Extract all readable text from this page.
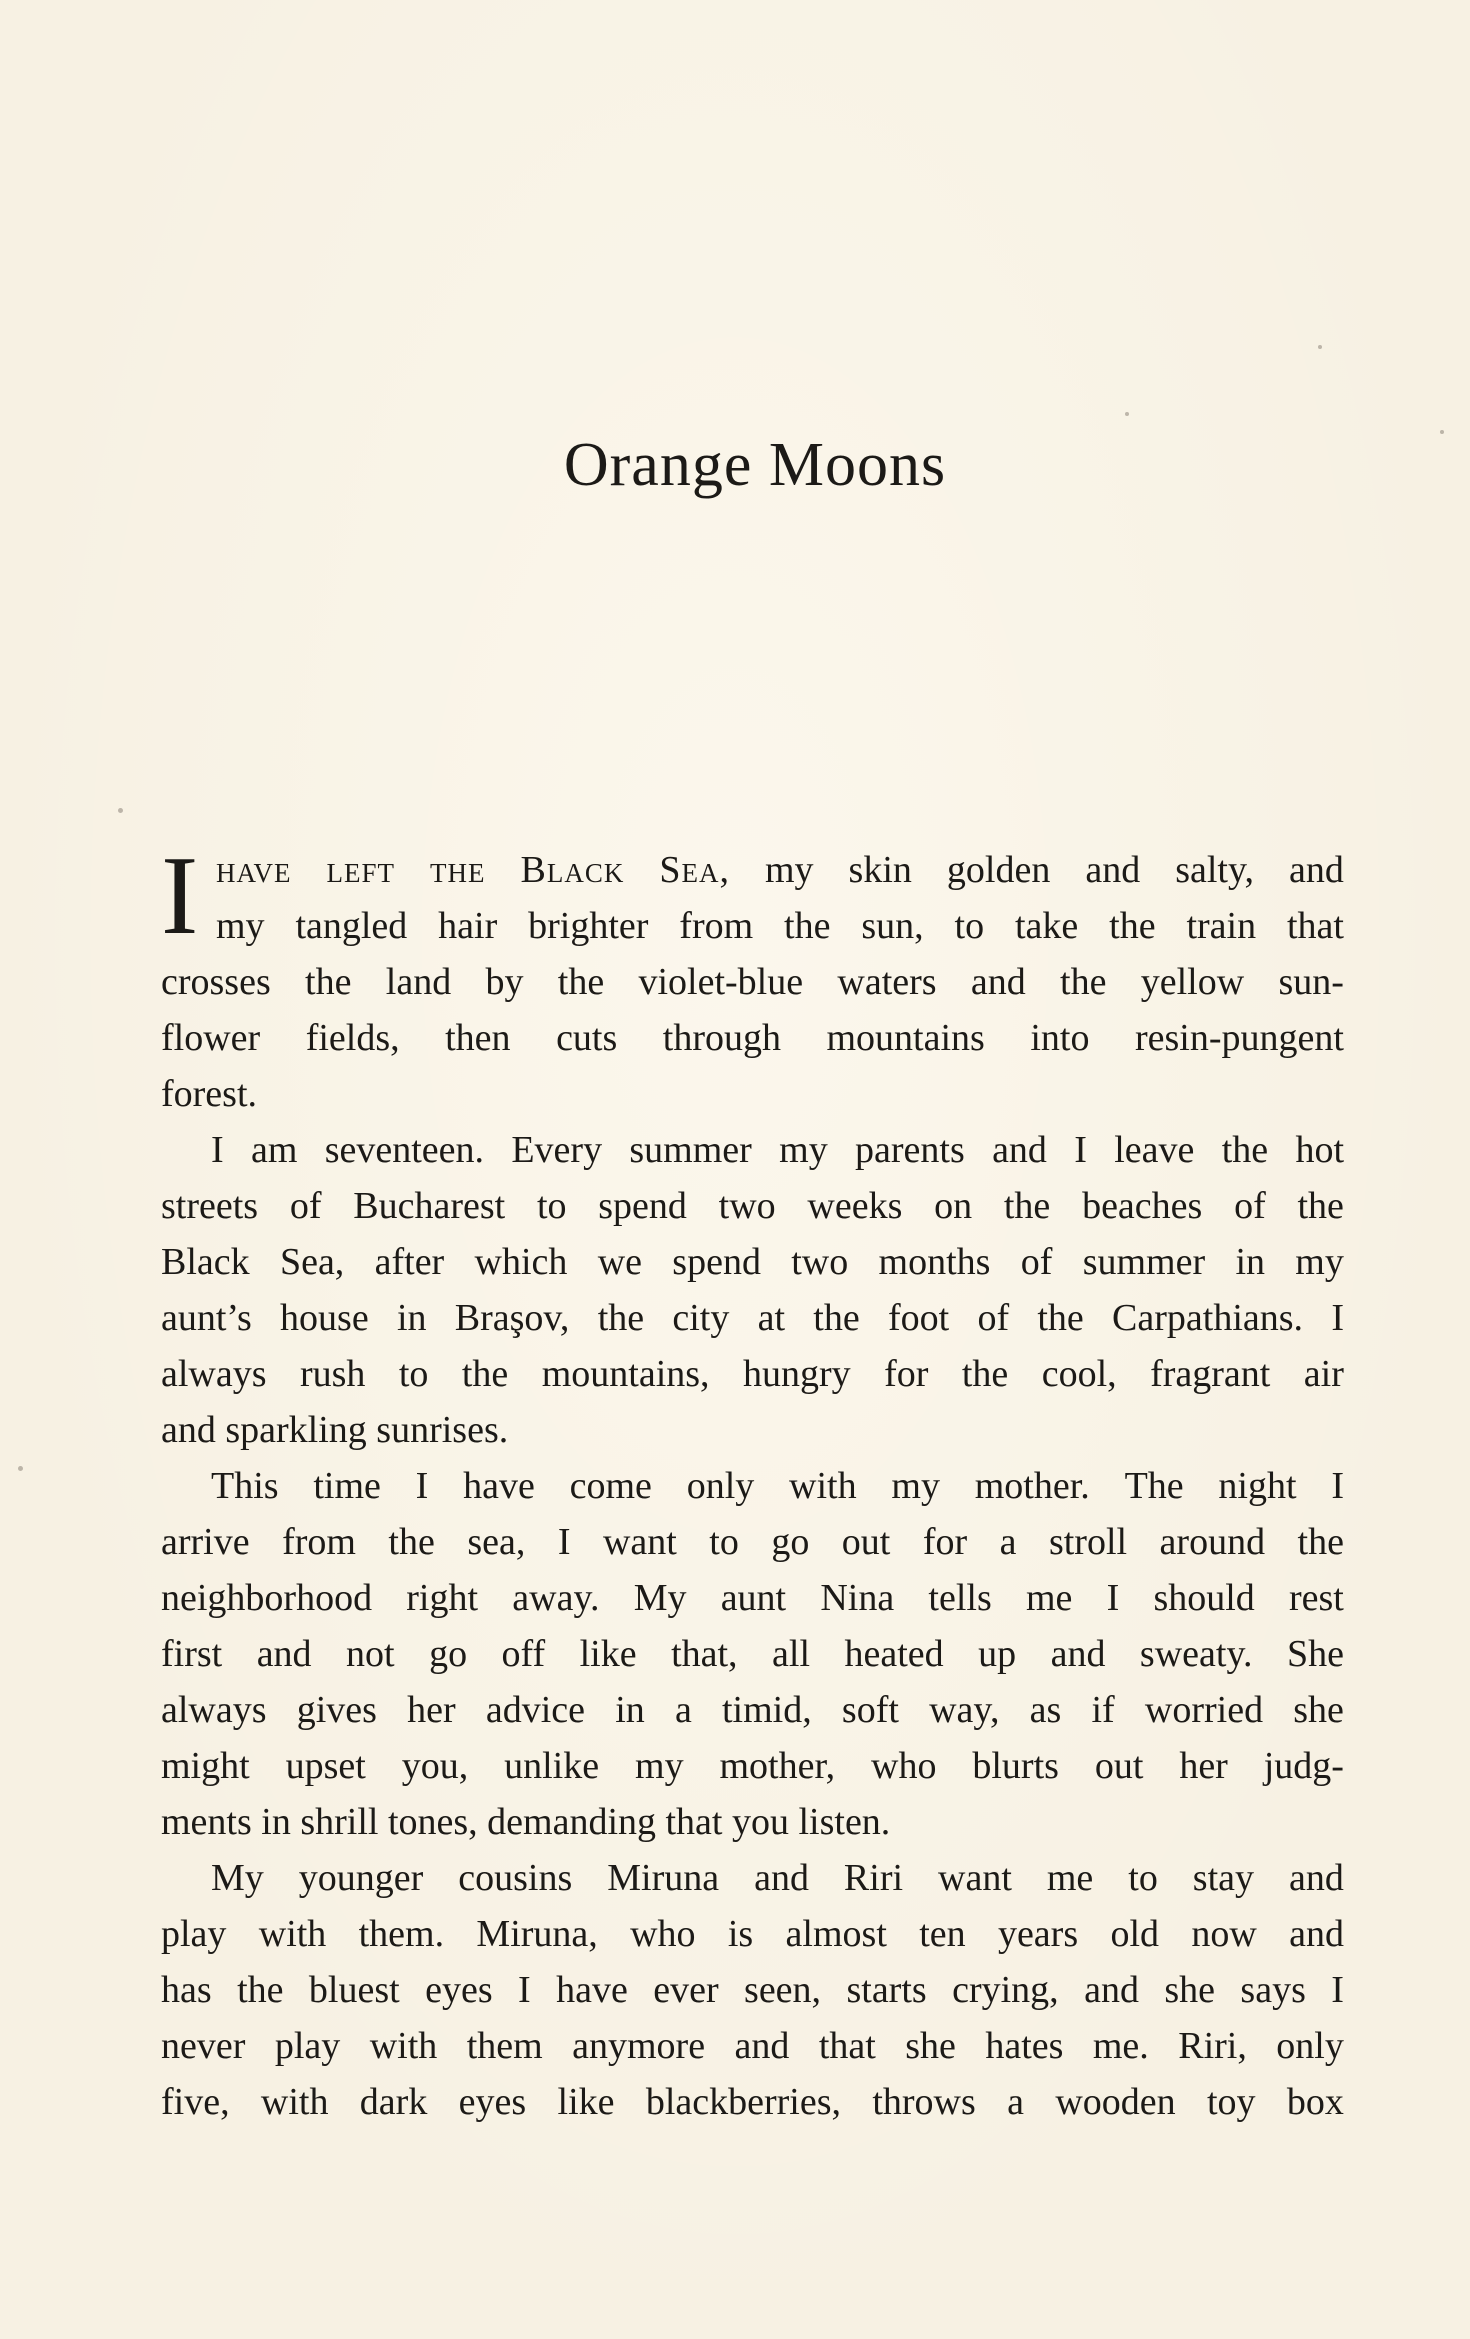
Orange Moons
I have left the Black Sea, my skin golden and salty, and
my tangled hair brighter from the sun, to take the train that
crosses the land by the violet-blue waters and the yellow sun-
flower fields, then cuts through mountains into resin-pungent
forest.
I am seventeen. Every summer my parents and I leave the hot
streets of Bucharest to spend two weeks on the beaches of the
Black Sea, after which we spend two months of summer in my
aunt’s house in Braşov, the city at the foot of the Carpathians. I
always rush to the mountains, hungry for the cool, fragrant air
and sparkling sunrises.
This time I have come only with my mother. The night I
arrive from the sea, I want to go out for a stroll around the
neighborhood right away. My aunt Nina tells me I should rest
first and not go off like that, all heated up and sweaty. She
always gives her advice in a timid, soft way, as if worried she
might upset you, unlike my mother, who blurts out her judg-
ments in shrill tones, demanding that you listen.
My younger cousins Miruna and Riri want me to stay and
play with them. Miruna, who is almost ten years old now and
has the bluest eyes I have ever seen, starts crying, and she says I
never play with them anymore and that she hates me. Riri, only
five, with dark eyes like blackberries, throws a wooden toy box
